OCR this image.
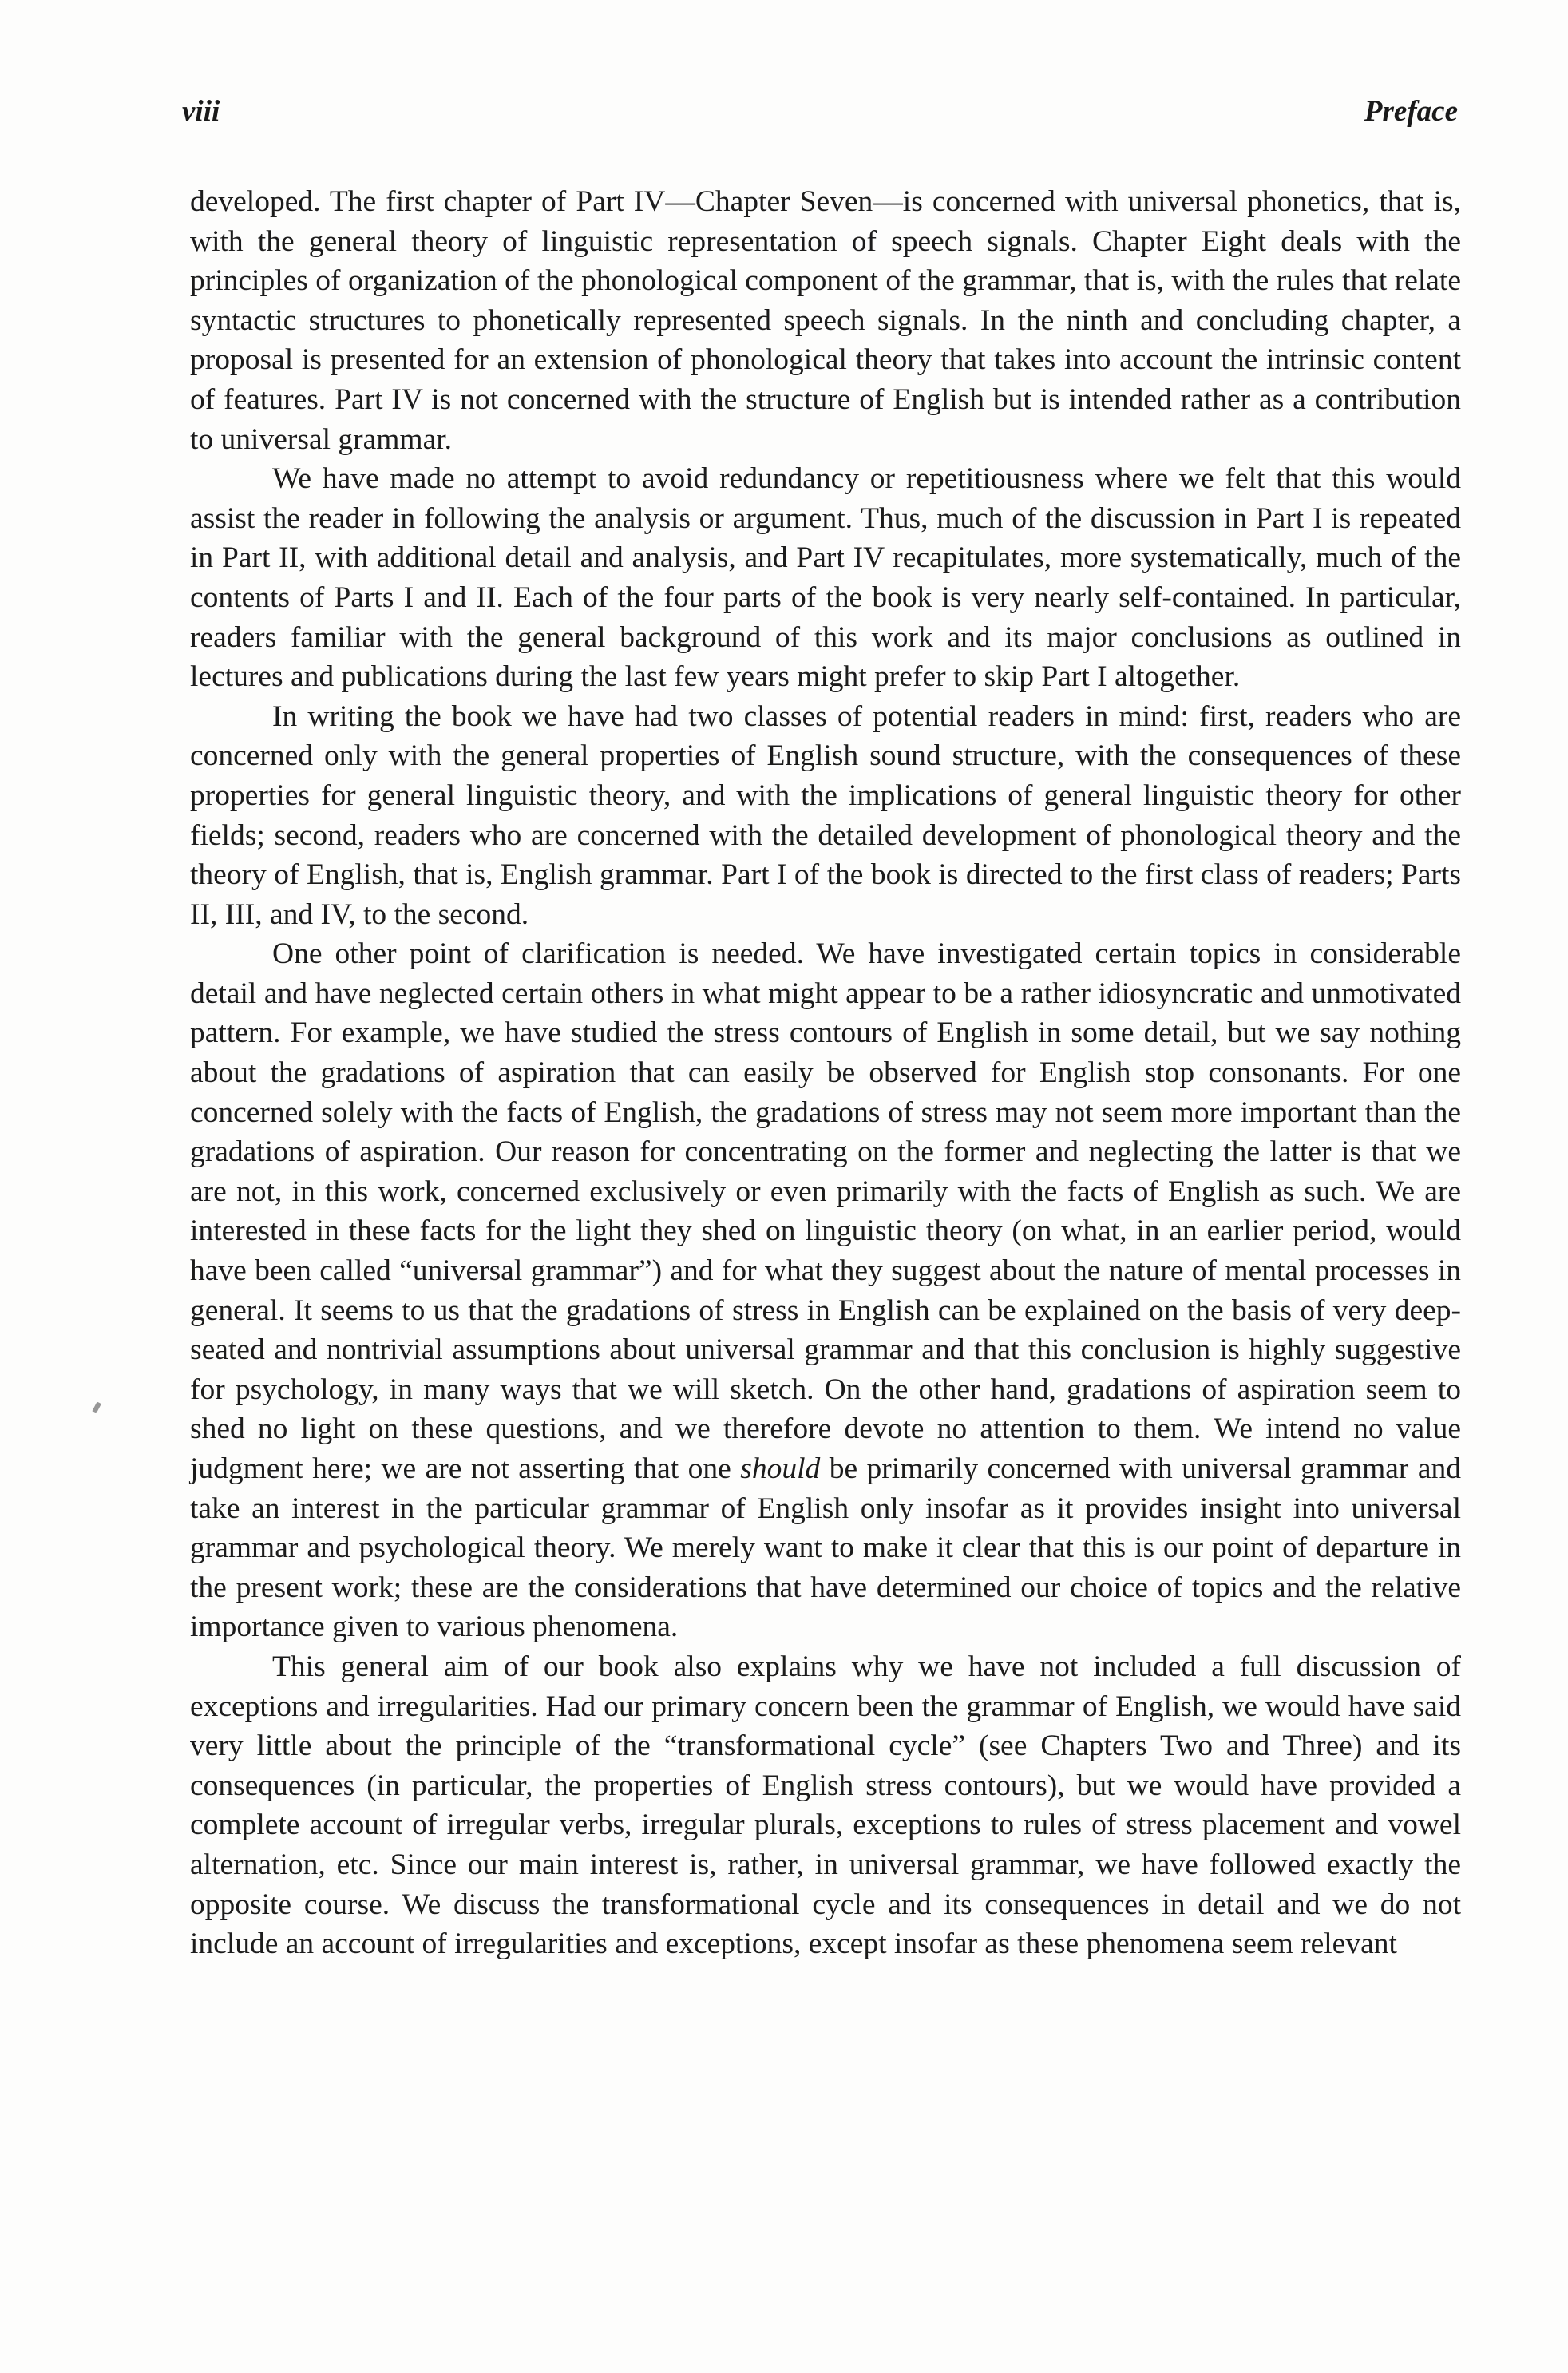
viii	Preface

developed. The first chapter of Part IV—Chapter Seven—is concerned with universal phonetics, that is, with the general theory of linguistic representation of speech signals. Chapter Eight deals with the principles of organization of the phonological component of the grammar, that is, with the rules that relate syntactic structures to phonetically represented speech signals. In the ninth and concluding chapter, a proposal is presented for an extension of phonological theory that takes into account the intrinsic content of features. Part IV is not concerned with the structure of English but is intended rather as a contribution to universal grammar.

We have made no attempt to avoid redundancy or repetitiousness where we felt that this would assist the reader in following the analysis or argument. Thus, much of the discussion in Part I is repeated in Part II, with additional detail and analysis, and Part IV recapitulates, more systematically, much of the contents of Parts I and II. Each of the four parts of the book is very nearly self-contained. In particular, readers familiar with the general background of this work and its major conclusions as outlined in lectures and publications during the last few years might prefer to skip Part I altogether.

In writing the book we have had two classes of potential readers in mind: first, readers who are concerned only with the general properties of English sound structure, with the consequences of these properties for general linguistic theory, and with the implications of general linguistic theory for other fields; second, readers who are concerned with the detailed development of phonological theory and the theory of English, that is, English grammar. Part I of the book is directed to the first class of readers; Parts II, III, and IV, to the second.

One other point of clarification is needed. We have investigated certain topics in considerable detail and have neglected certain others in what might appear to be a rather idiosyncratic and unmotivated pattern. For example, we have studied the stress contours of English in some detail, but we say nothing about the gradations of aspiration that can easily be observed for English stop consonants. For one concerned solely with the facts of English, the gradations of stress may not seem more important than the gradations of aspiration. Our reason for concentrating on the former and neglecting the latter is that we are not, in this work, concerned exclusively or even primarily with the facts of English as such. We are interested in these facts for the light they shed on linguistic theory (on what, in an earlier period, would have been called “universal grammar”) and for what they suggest about the nature of mental processes in general. It seems to us that the gradations of stress in English can be explained on the basis of very deep-seated and nontrivial assumptions about universal grammar and that this conclusion is highly suggestive for psychology, in many ways that we will sketch. On the other hand, gradations of aspiration seem to shed no light on these questions, and we therefore devote no attention to them. We intend no value judgment here; we are not asserting that one should be primarily concerned with universal grammar and take an interest in the particular grammar of English only insofar as it provides insight into universal grammar and psychological theory. We merely want to make it clear that this is our point of departure in the present work; these are the considerations that have determined our choice of topics and the relative importance given to various phenomena.

This general aim of our book also explains why we have not included a full discussion of exceptions and irregularities. Had our primary concern been the grammar of English, we would have said very little about the principle of the “transformational cycle” (see Chapters Two and Three) and its consequences (in particular, the properties of English stress contours), but we would have provided a complete account of irregular verbs, irregular plurals, exceptions to rules of stress placement and vowel alternation, etc. Since our main interest is, rather, in universal grammar, we have followed exactly the opposite course. We discuss the transformational cycle and its consequences in detail and we do not include an account of irregularities and exceptions, except insofar as these phenomena seem relevant
